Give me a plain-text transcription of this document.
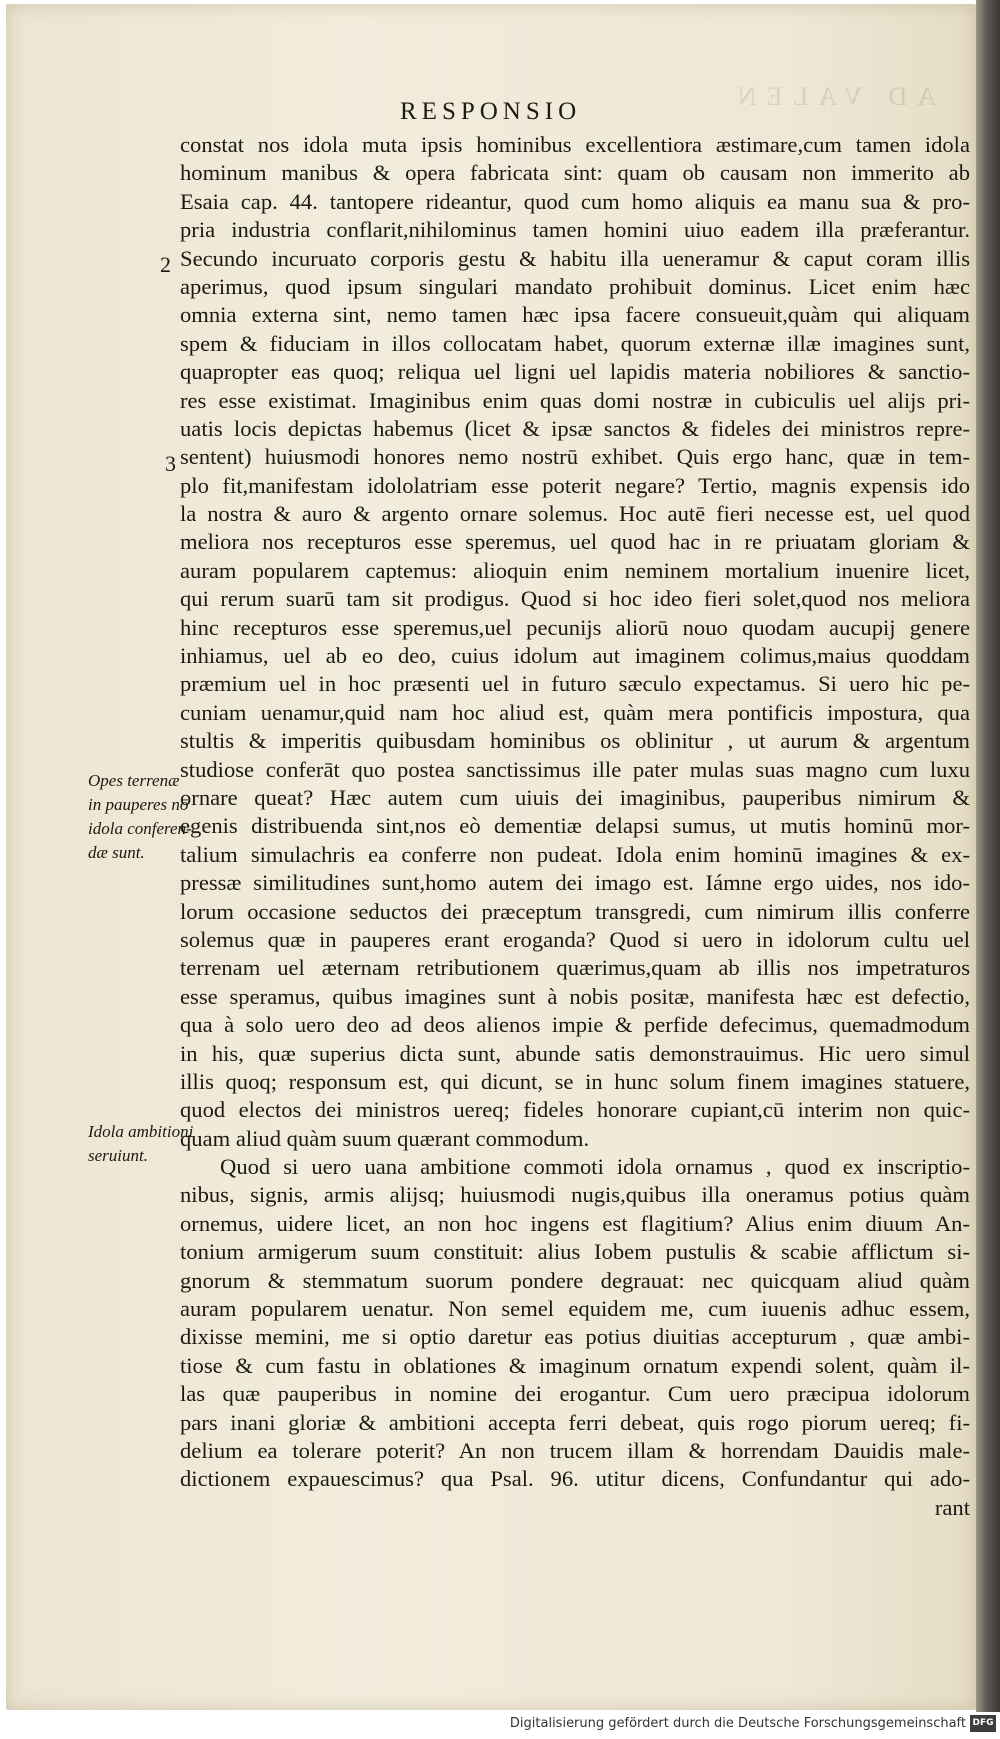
AD VALEN
RESPONSIO
2
3
constat nos idola muta ipsis hominibus excellentiora æstimare,cum tamen idola
hominum manibus & opera fabricata sint: quam ob causam non immerito ab
Esaia cap. 44. tantopere rideantur, quod cum homo aliquis ea manu sua & pro-
pria industria conflarit,nihilominus tamen homini uiuo eadem illa præferantur.
Secundo incuruato corporis gestu & habitu illa ueneramur & caput coram illis
aperimus, quod ipsum singulari mandato prohibuit dominus. Licet enim hæc
omnia externa sint, nemo tamen hæc ipsa facere consueuit,quàm qui aliquam
spem & fiduciam in illos collocatam habet, quorum externæ illæ imagines sunt,
quapropter eas quoq; reliqua uel ligni uel lapidis materia nobiliores & sanctio-
res esse existimat. Imaginibus enim quas domi nostræ in cubiculis uel alijs pri-
uatis locis depictas habemus (licet & ipsæ sanctos & fideles dei ministros repre-
sentent) huiusmodi honores nemo nostrū exhibet. Quis ergo hanc, quæ in tem-
plo fit,manifestam idololatriam esse poterit negare? Tertio, magnis expensis ido
la nostra & auro & argento ornare solemus. Hoc autē fieri necesse est, uel quod
meliora nos recepturos esse speremus, uel quod hac in re priuatam gloriam &
auram popularem captemus: alioquin enim neminem mortalium inuenire licet,
qui rerum suarū tam sit prodigus. Quod si hoc ideo fieri solet,quod nos meliora
hinc recepturos esse speremus,uel pecunijs aliorū nouo quodam aucupij genere
inhiamus, uel ab eo deo, cuius idolum aut imaginem colimus,maius quoddam
præmium uel in hoc præsenti uel in futuro sæculo expectamus. Si uero hic pe-
cuniam uenamur,quid nam hoc aliud est, quàm mera pontificis impostura, qua
stultis & imperitis quibusdam hominibus os oblinitur , ut aurum & argentum
studiose conferāt quo postea sanctissimus ille pater mulas suas magno cum luxu
ornare queat? Hæc autem cum uiuis dei imaginibus, pauperibus nimirum &
egenis distribuenda sint,nos eò dementiæ delapsi sumus, ut mutis hominū mor-
talium simulachris ea conferre non pudeat. Idola enim hominū imagines & ex-
pressæ similitudines sunt,homo autem dei imago est. Iámne ergo uides, nos ido-
lorum occasione seductos dei præceptum transgredi, cum nimirum illis conferre
solemus quæ in pauperes erant eroganda? Quod si uero in idolorum cultu uel
terrenam uel æternam retributionem quærimus,quam ab illis nos impetraturos
esse speramus, quibus imagines sunt à nobis positæ, manifesta hæc est defectio,
qua à solo uero deo ad deos alienos impie & perfide defecimus, quemadmodum
in his, quæ superius dicta sunt, abunde satis demonstrauimus. Hic uero simul
illis quoq; responsum est, qui dicunt, se in hunc solum finem imagines statuere,
quod electos dei ministros uereq; fideles honorare cupiant,cū interim non quic-
quam aliud quàm suum quærant commodum.
Quod si uero uana ambitione commoti idola ornamus , quod ex inscriptio-
nibus, signis, armis alijsq; huiusmodi nugis,quibus illa oneramus potius quàm
ornemus, uidere licet, an non hoc ingens est flagitium? Alius enim diuum An-
tonium armigerum suum constituit: alius Iobem pustulis & scabie afflictum si-
gnorum & stemmatum suorum pondere degrauat: nec quicquam aliud quàm
auram popularem uenatur. Non semel equidem me, cum iuuenis adhuc essem,
dixisse memini, me si optio daretur eas potius diuitias accepturum , quæ ambi-
tiose & cum fastu in oblationes & imaginum ornatum expendi solent, quàm il-
las quæ pauperibus in nomine dei erogantur. Cum uero præcipua idolorum
pars inani gloriæ & ambitioni accepta ferri debeat, quis rogo piorum uereq; fi-
delium ea tolerare poterit? An non trucem illam & horrendam Dauidis male-
dictionem expauescimus? qua Psal. 96. utitur dicens, Confundantur qui ado-
rant

Opes terrenæ
in pauperes nō
idola conferen-
dæ sunt.

Idola ambitioni
seruiunt.

Digitalisierung gefördert durch die Deutsche Forschungsgemeinschaft DFG
